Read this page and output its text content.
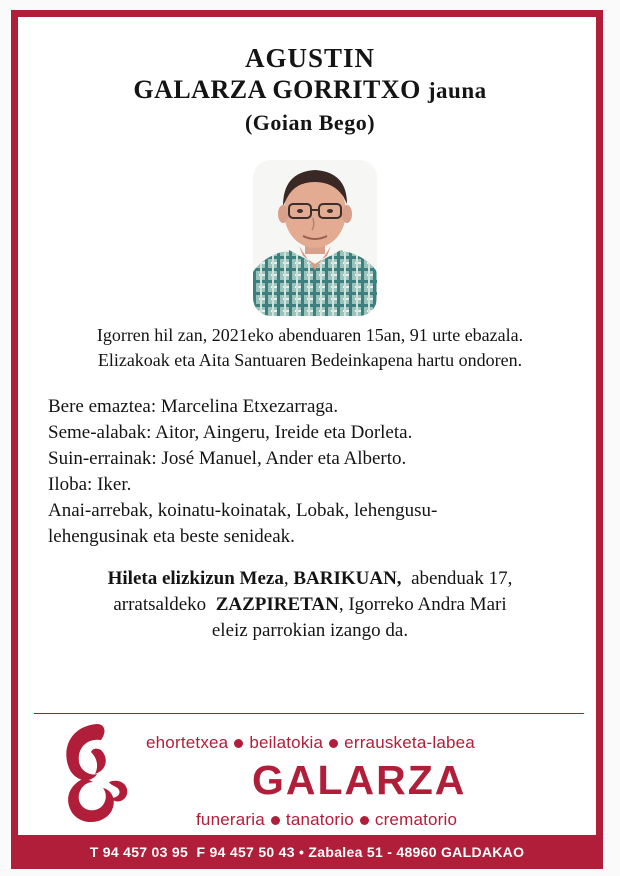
AGUSTIN
GALARZA GORRITXO jauna
(Goian Bego)
Igorren hil zan, 2021eko abenduaren 15an, 91 urte ebazala.
Elizakoak eta Aita Santuaren Bedeinkapena hartu ondoren.
Bere emaztea: Marcelina Etxezarraga.
Seme-alabak: Aitor, Aingeru, Ireide eta Dorleta.
Suin-errainak: José Manuel, Ander eta Alberto.
Iloba: Iker.
Anai-arrebak, koinatu-koinatak, Lobak, lehengusu-
lehengusinak eta beste senideak.
Hileta elizkizun Meza, BARIKUAN, abenduak 17,
arratsaldeko ZAZPIRETAN, Igorreko Andra Mari
eleiz parrokian izango da.
ehortetxea beilatokia errausketa-labea
GALARZA
funeraria tanatorio crematorio
T 94 457 03 95  F 94 457 50 43 • Zabalea 51 - 48960 GALDAKAO
